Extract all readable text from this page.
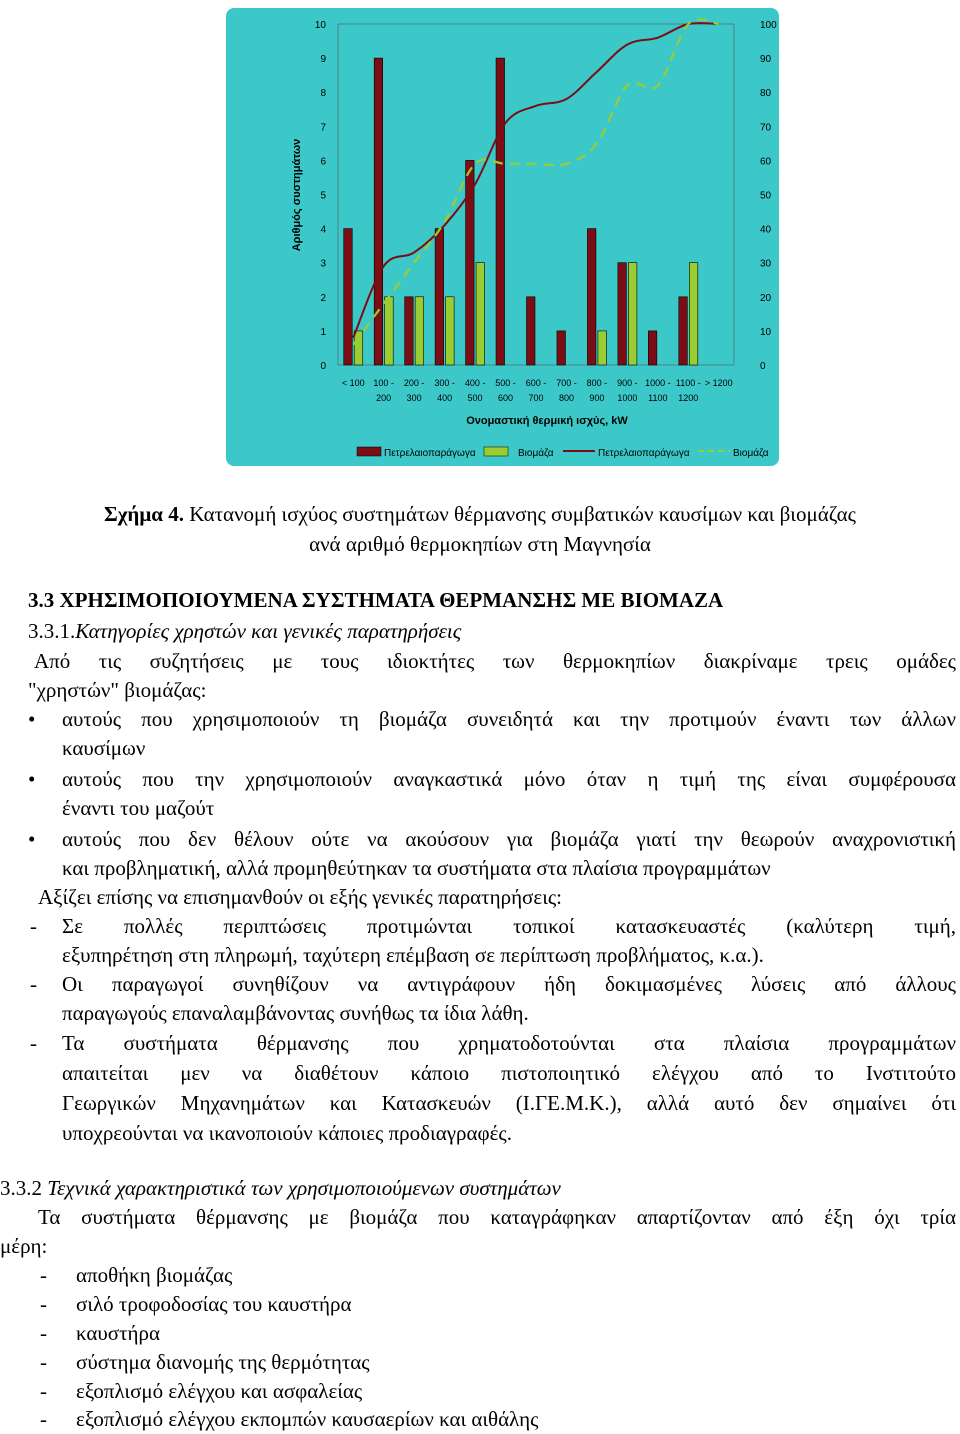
0
1
2
3
4
5
6
7
8
9
10
0
10
20
30
40
50
60
70
80
90
100
< 100 100 -
200
200 -
300
300 -
400
400 -
500
500 -
600
600 -
700
700 -
800
800 -
900
900 -
1000
1000 -
1100
1100 -
1200
> 1200
Αριθμός συστημάτων
Ονομαστική θερμική ισχύς, kW
Πετρελαιοπαράγωγα	Βιομάζα	Πετρελαιοπαράγωγα	Βιομάζα
Σχήμα 4. Κατανομή ισχύος συστημάτων θέρμανσης συμβατικών καυσίμων και βιομάζας
ανά αριθμό θερμοκηπίων στη Μαγνησία
3.3 ΧΡΗΣΙΜΟΠΟΙΟΥΜΕΝΑ ΣΥΣΤΗΜΑΤΑ ΘΕΡΜΑΝΣΗΣ ΜΕ ΒΙΟΜΑΖΑ
3.3.1.Κατηγορίες χρηστών και γενικές παρατηρήσεις
Από τις συζητήσεις με τους ιδιοκτήτες των θερμοκηπίων διακρίναμε τρεις ομάδες
"χρηστών" βιομάζας:
• αυτούς που χρησιμοποιούν τη βιομάζα συνειδητά και την προτιμούν έναντι των άλλων
καυσίμων
• αυτούς που την χρησιμοποιούν αναγκαστικά μόνο όταν η τιμή της είναι συμφέρουσα
έναντι του μαζούτ
• αυτούς που δεν θέλουν ούτε να ακούσουν για βιομάζα γιατί την θεωρούν αναχρονιστική
και προβληματική, αλλά προμηθεύτηκαν τα συστήματα στα πλαίσια προγραμμάτων
Αξίζει επίσης να επισημανθούν οι εξής γενικές παρατηρήσεις:
- Σε πολλές περιπτώσεις προτιμώνται τοπικοί κατασκευαστές (καλύτερη τιμή,
εξυπηρέτηση στη πληρωμή, ταχύτερη επέμβαση σε περίπτωση προβλήματος, κ.α.).
- Οι παραγωγοί συνηθίζουν να αντιγράφουν ήδη δοκιμασμένες λύσεις από άλλους
παραγωγούς επαναλαμβάνοντας συνήθως τα ίδια λάθη.
- Τα συστήματα θέρμανσης που χρηματοδοτούνται στα πλαίσια προγραμμάτων
απαιτείται μεν να διαθέτουν κάποιο πιστοποιητικό ελέγχου από το Ινστιτούτο
Γεωργικών Μηχανημάτων και Κατασκευών (Ι.ΓΕ.Μ.Κ.), αλλά αυτό δεν σημαίνει ότι
υποχρεούνται να ικανοποιούν κάποιες προδιαγραφές.
3.3.2 Τεχνικά χαρακτηριστικά των χρησιμοποιούμενων συστημάτων
Τα συστήματα θέρμανσης με βιομάζα που καταγράφηκαν απαρτίζονταν από έξη όχι τρία
μέρη:
- αποθήκη βιομάζας
- σιλό τροφοδοσίας του καυστήρα
- καυστήρα
- σύστημα διανομής της θερμότητας
- εξοπλισμό ελέγχου και ασφαλείας
- εξοπλισμό ελέγχου εκπομπών καυσαερίων και αιθάλης
